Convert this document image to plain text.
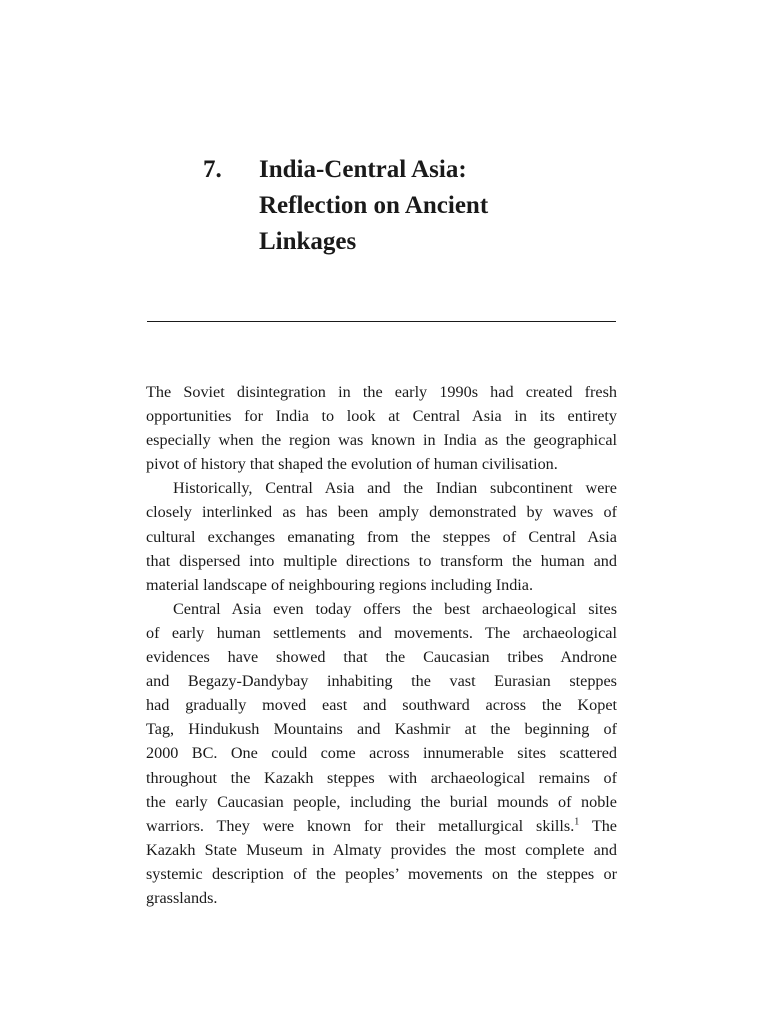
7.	India-Central Asia:
Reflection on Ancient
Linkages
The Soviet disintegration in the early 1990s had created fresh
opportunities for India to look at Central Asia in its entirety
especially when the region was known in India as the geographical
pivot of history that shaped the evolution of human civilisation.
Historically, Central Asia and the Indian subcontinent were
closely interlinked as has been amply demonstrated by waves of
cultural exchanges emanating from the steppes of Central Asia
that dispersed into multiple directions to transform the human and
material landscape of neighbouring regions including India.
Central Asia even today offers the best archaeological sites
of early human settlements and movements. The archaeological
evidences have showed that the Caucasian tribes Androne
and Begazy-Dandybay inhabiting the vast Eurasian steppes
had gradually moved east and southward across the Kopet
Tag, Hindukush Mountains and Kashmir at the beginning of
2000 BC. One could come across innumerable sites scattered
throughout the Kazakh steppes with archaeological remains of
the early Caucasian people, including the burial mounds of noble
warriors. They were known for their metallurgical skills.$^1$ The
Kazakh State Museum in Almaty provides the most complete and
systemic description of the peoples’ movements on the steppes or
grasslands.
